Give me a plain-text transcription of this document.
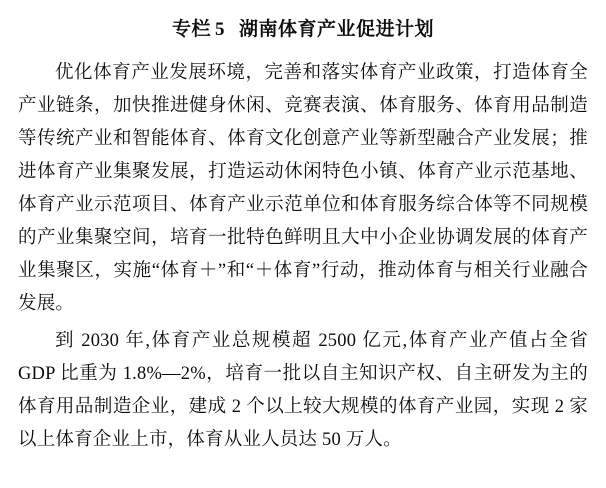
专栏 5 湖南体育产业促进计划

优化体育产业发展环境，完善和落实体育产业政策，打造体育全产业链条，加快推进健身休闲、竞赛表演、体育服务、体育用品制造等传统产业和智能体育、体育文化创意产业等新型融合产业发展；推进体育产业集聚发展，打造运动休闲特色小镇、体育产业示范基地、体育产业示范项目、体育产业示范单位和体育服务综合体等不同规模的产业集聚空间，培育一批特色鲜明且大中小企业协调发展的体育产业集聚区，实施“体育＋”和“＋体育”行动，推动体育与相关行业融合发展。

到 2030 年,体育产业总规模超 2500 亿元,体育产业产值占全省 GDP 比重为 1.8%—2%，培育一批以自主知识产权、自主研发为主的体育用品制造企业，建成 2 个以上较大规模的体育产业园，实现 2 家以上体育企业上市，体育从业人员达 50 万人。
